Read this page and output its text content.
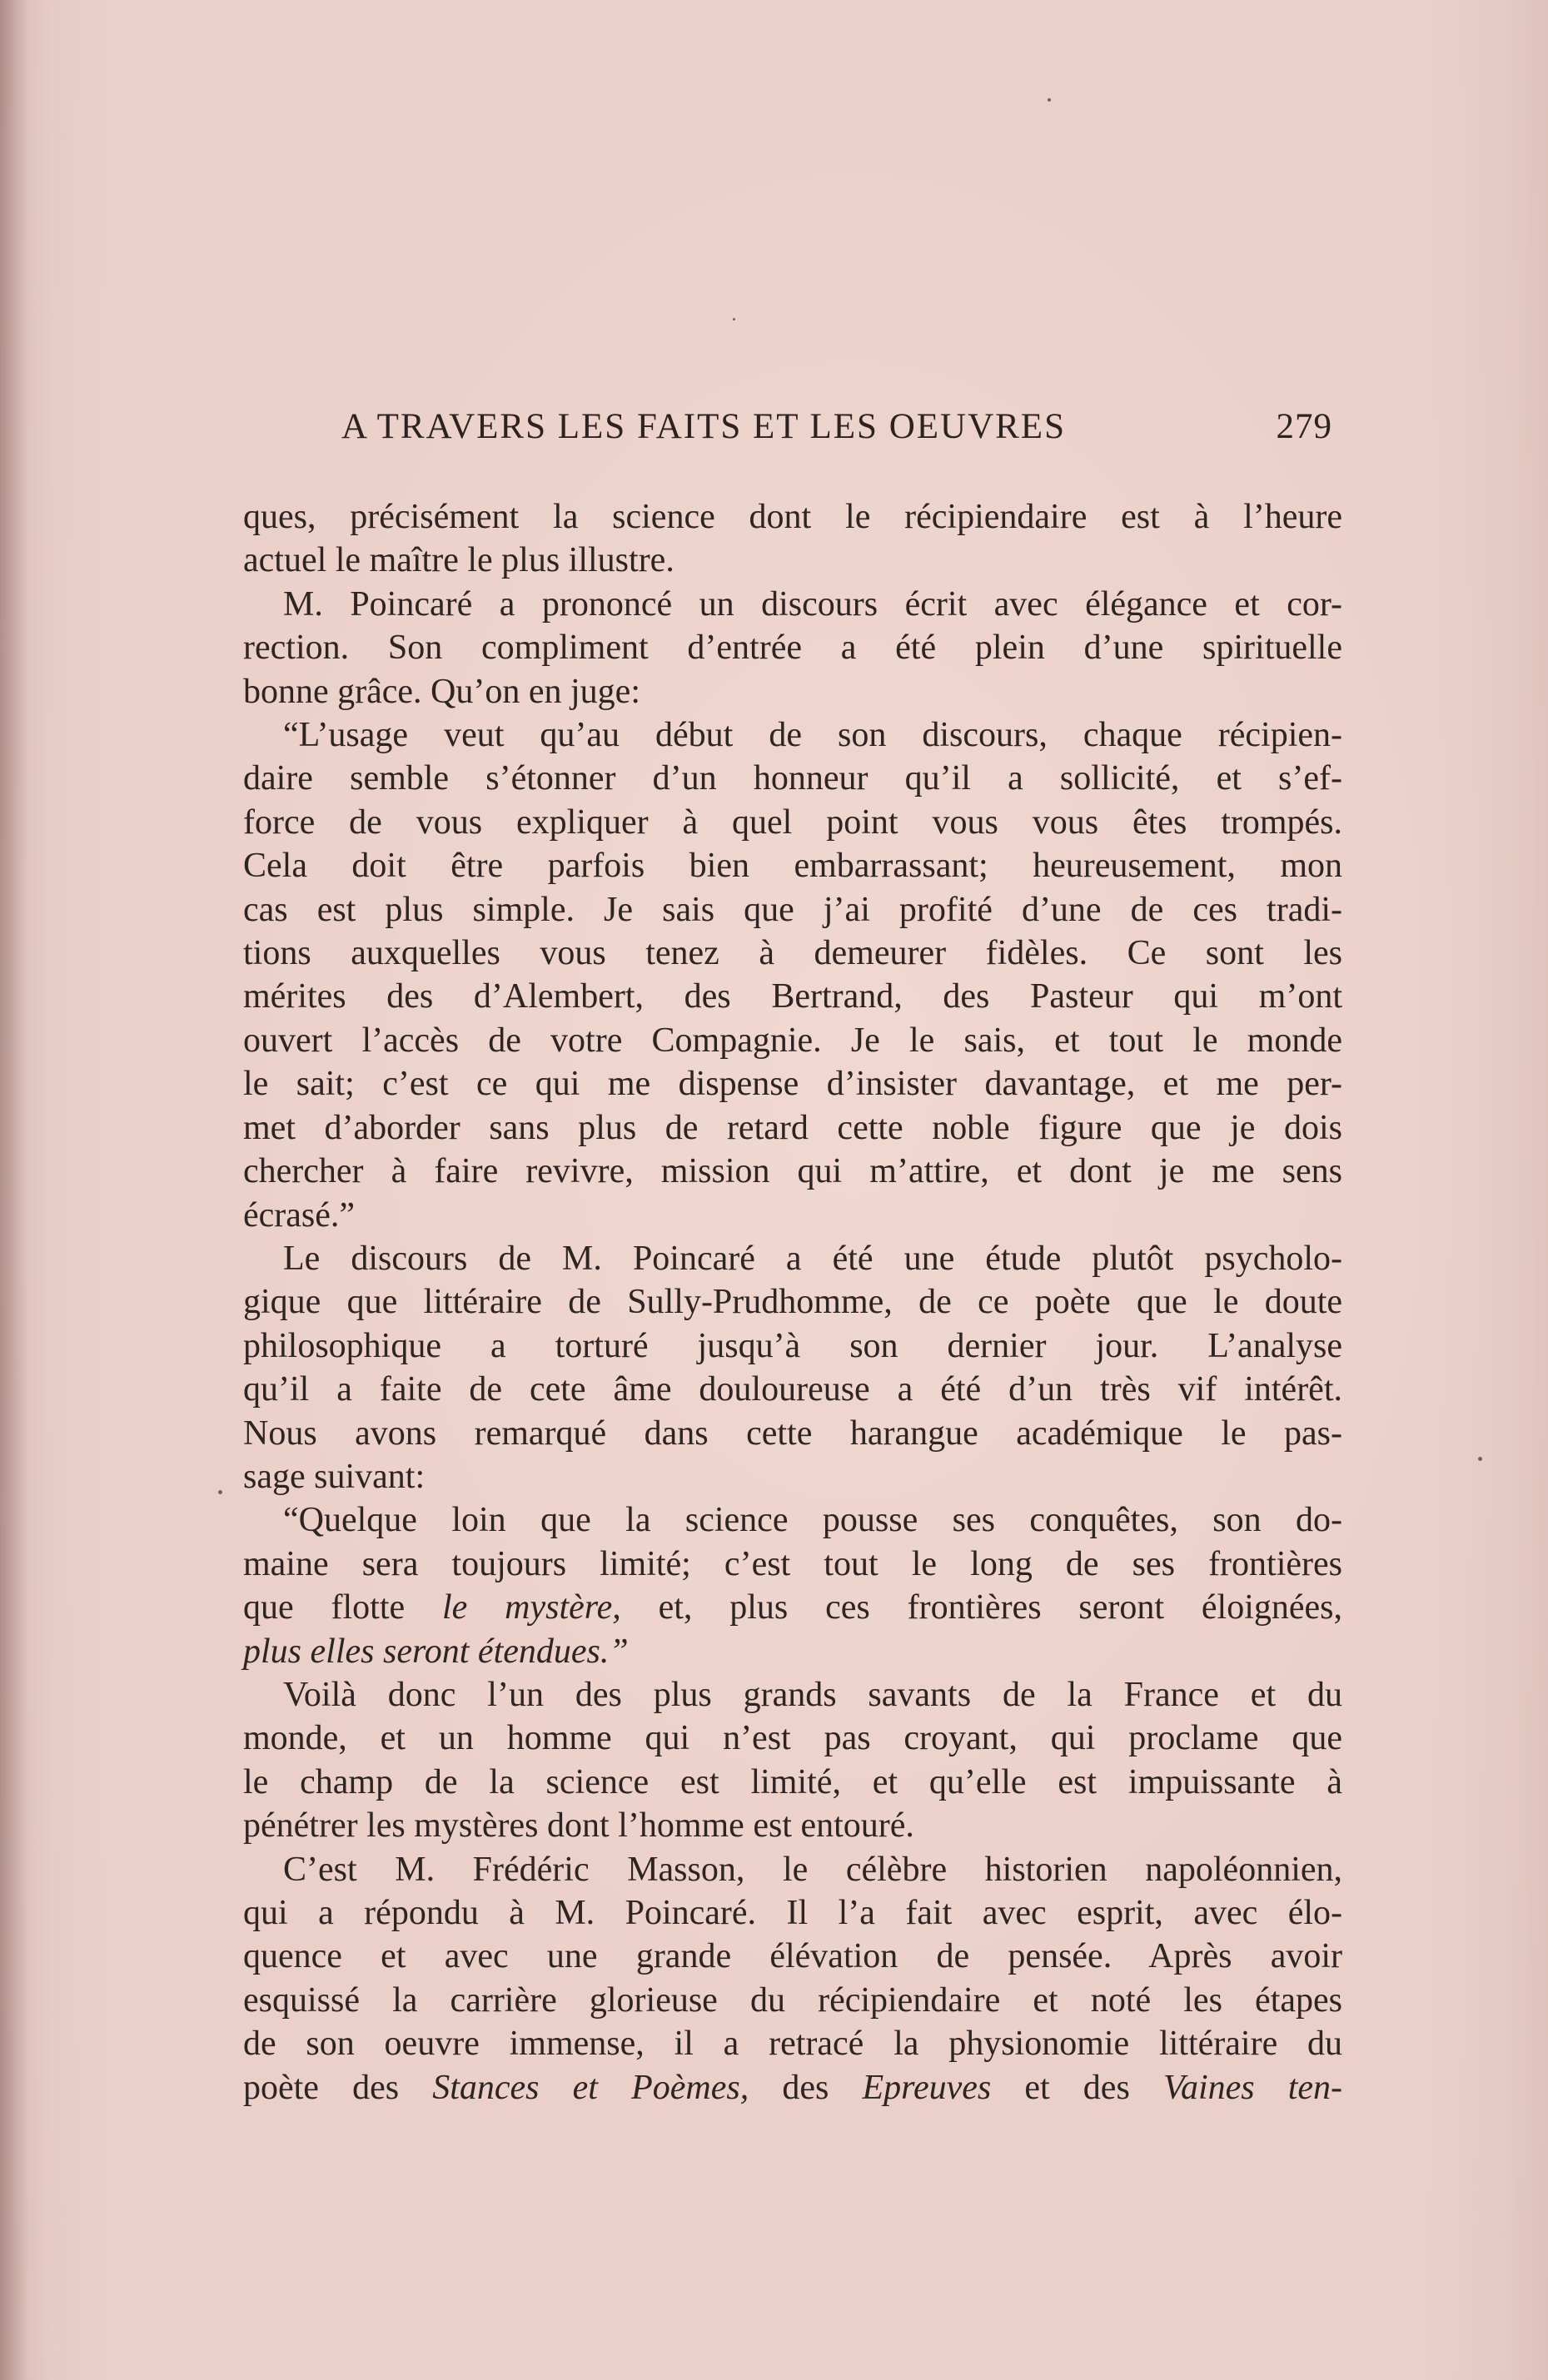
A TRAVERS LES FAITS ET LES OEUVRES	279
ques, précisément la science dont le récipiendaire est à l’heure
actuel le maître le plus illustre.
M. Poincaré a prononcé un discours écrit avec élégance et cor-
rection. Son compliment d’entrée a été plein d’une spirituelle
bonne grâce. Qu’on en juge:
“L’usage veut qu’au début de son discours, chaque récipien-
daire semble s’étonner d’un honneur qu’il a sollicité, et s’ef-
force de vous expliquer à quel point vous vous êtes trompés.
Cela doit être parfois bien embarrassant; heureusement, mon
cas est plus simple. Je sais que j’ai profité d’une de ces tradi-
tions auxquelles vous tenez à demeurer fidèles. Ce sont les
mérites des d’Alembert, des Bertrand, des Pasteur qui m’ont
ouvert l’accès de votre Compagnie. Je le sais, et tout le monde
le sait; c’est ce qui me dispense d’insister davantage, et me per-
met d’aborder sans plus de retard cette noble figure que je dois
chercher à faire revivre, mission qui m’attire, et dont je me sens
écrasé.”
Le discours de M. Poincaré a été une étude plutôt psycholo-
gique que littéraire de Sully-Prudhomme, de ce poète que le doute
philosophique a torturé jusqu’à son dernier jour. L’analyse
qu’il a faite de cete âme douloureuse a été d’un très vif intérêt.
Nous avons remarqué dans cette harangue académique le pas-
sage suivant:
“Quelque loin que la science pousse ses conquêtes, son do-
maine sera toujours limité; c’est tout le long de ses frontières
que flotte le mystère, et, plus ces frontières seront éloignées,
plus elles seront étendues.”
Voilà donc l’un des plus grands savants de la France et du
monde, et un homme qui n’est pas croyant, qui proclame que
le champ de la science est limité, et qu’elle est impuissante à
pénétrer les mystères dont l’homme est entouré.
C’est M. Frédéric Masson, le célèbre historien napoléonnien,
qui a répondu à M. Poincaré. Il l’a fait avec esprit, avec élo-
quence et avec une grande élévation de pensée. Après avoir
esquissé la carrière glorieuse du récipiendaire et noté les étapes
de son oeuvre immense, il a retracé la physionomie littéraire du
poète des Stances et Poèmes, des Epreuves et des Vaines ten-
